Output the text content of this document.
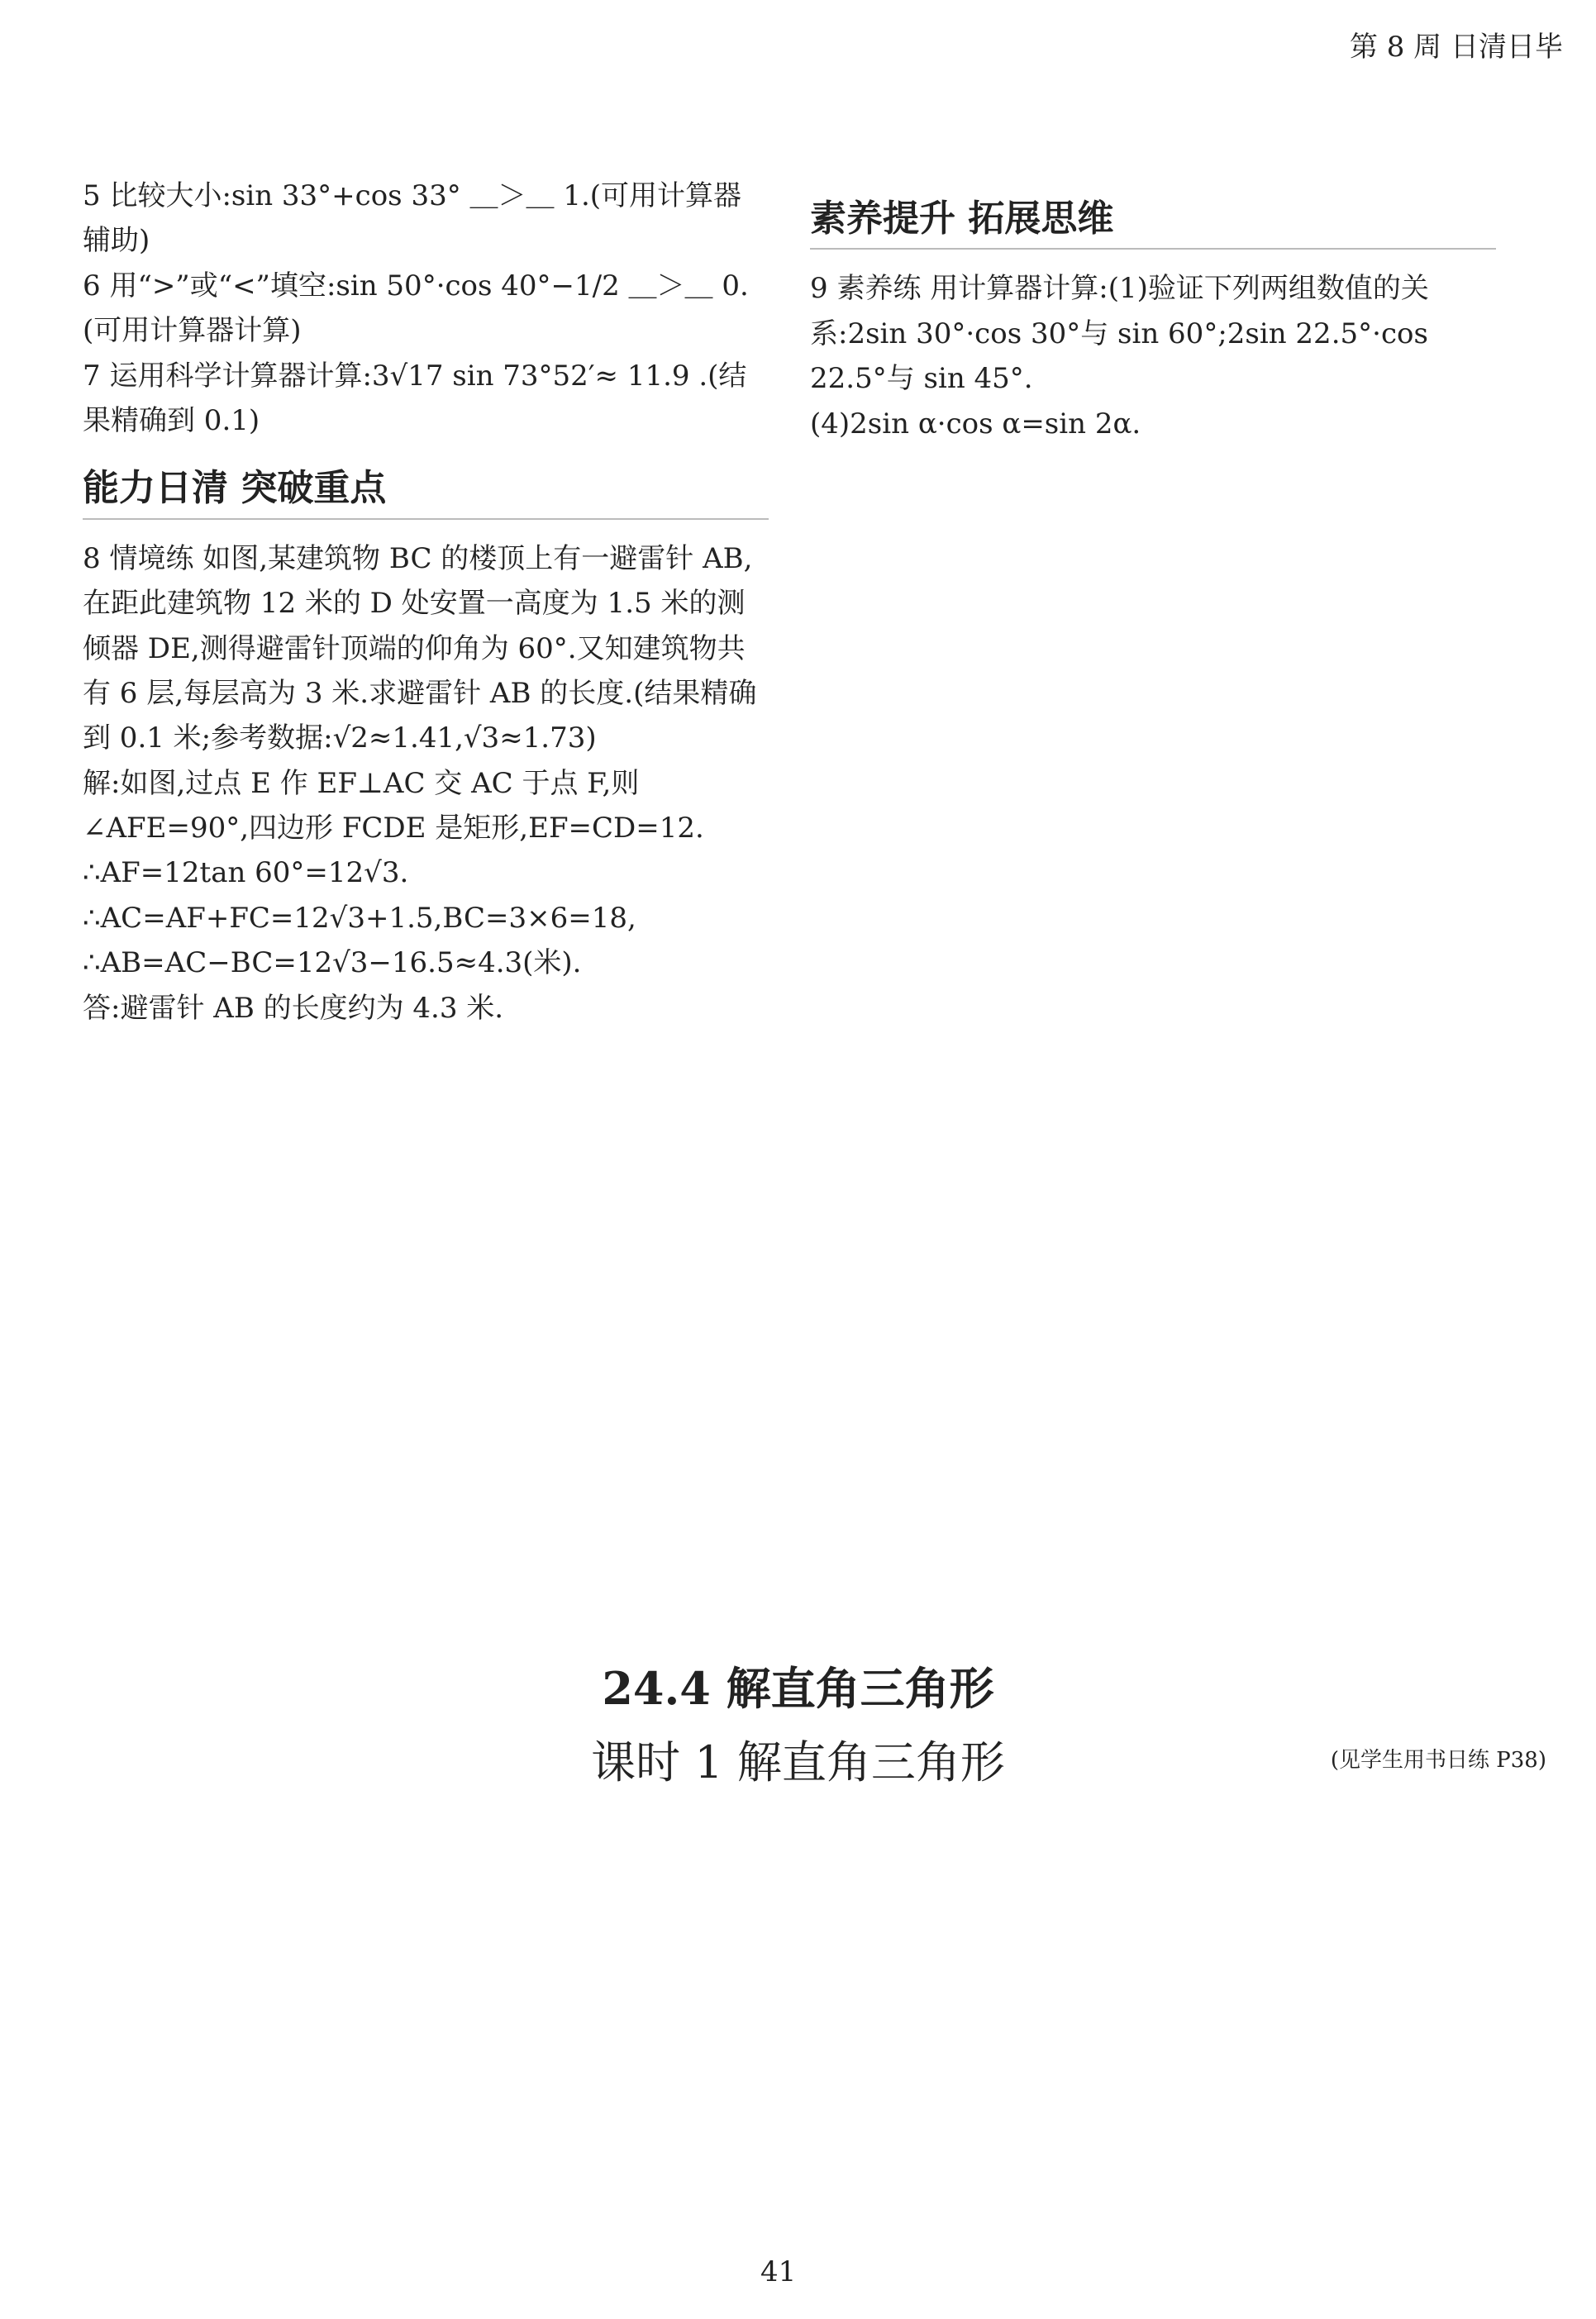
第 8 周 日清日毕
5 比较大小:sin 33°+cos 33° ＿＞＿ 1.(可用计算器辅助)
6 用“>”或“<”填空:sin 50°·cos 40°−1/2 ＿＞＿ 0.(可用计算器计算)
7 运用科学计算器计算:3√17 sin 73°52′≈ 11.9 .(结果精确到 0.1)
能力日清 突破重点
8 情境练 如图,某建筑物 BC 的楼顶上有一避雷针 AB,在距此建筑物 12 米的 D 处安置一高度为 1.5 米的测倾器 DE,测得避雷针顶端的仰角为 60°.又知建筑物共有 6 层,每层高为 3 米.求避雷针 AB 的长度.(结果精确到 0.1 米;参考数据:√2≈1.41,√3≈1.73)
解:如图,过点 E 作 EF⊥AC 交 AC 于点 F,则∠AFE=90°,四边形 FCDE 是矩形,EF=CD=12.
∴AF=12tan 60°=12√3.
∴AC=AF+FC=12√3+1.5,BC=3×6=18,
∴AB=AC−BC=12√3−16.5≈4.3(米).
答:避雷针 AB 的长度约为 4.3 米.
素养提升 拓展思维
9 素养练 用计算器计算:(1)验证下列两组数值的关系:2sin 30°·cos 30°与 sin 60°;2sin 22.5°·cos 22.5°与 sin 45°.
(4)2sin α·cos α=sin 2α.
24.4 解直角三角形
课时 1 解直角三角形	(见学生用书日练 P38)
41
